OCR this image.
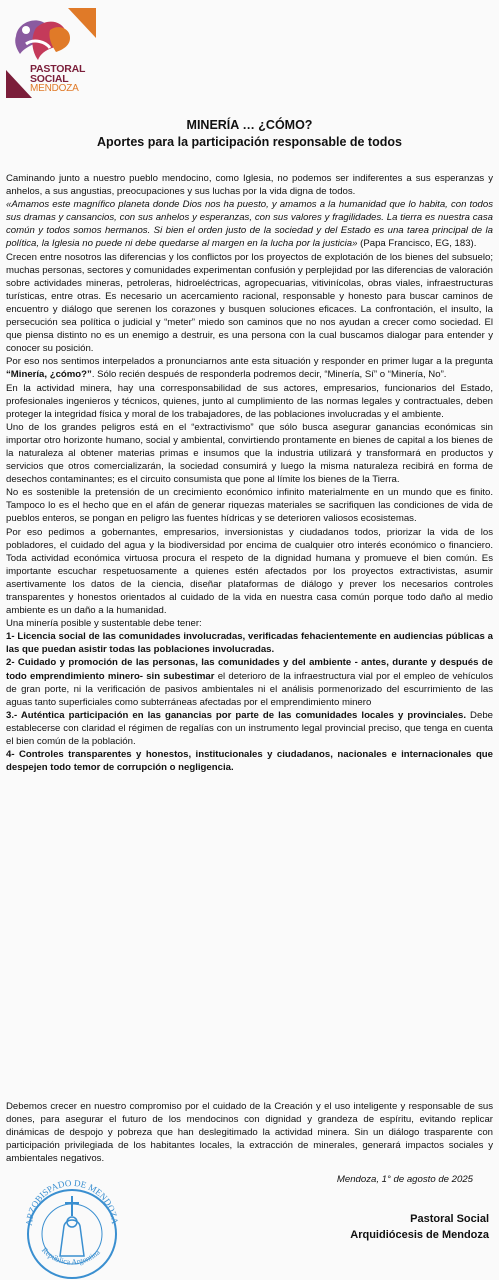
PASTORAL
SOCIAL
MENDOZA
MINERÍA … ¿CÓMO?
Aportes para la participación responsable de todos

Caminando junto a nuestro pueblo mendocino, como Iglesia, no podemos ser indiferentes a sus esperanzas y anhelos, a sus angustias, preocupaciones y sus luchas por la vida digna de todos.

«Amamos este magnífico planeta donde Dios nos ha puesto, y amamos a la humanidad que lo habita, con todos sus dramas y cansancios, con sus anhelos y esperanzas, con sus valores y fragilidades. La tierra es nuestra casa común y todos somos hermanos. Si bien el orden justo de la sociedad y del Estado es una tarea principal de la política, la Iglesia no puede ni debe quedarse al margen en la lucha por la justicia» (Papa Francisco, EG, 183).

Crecen entre nosotros las diferencias y los conflictos por los proyectos de explotación de los bienes del subsuelo; muchas personas, sectores y comunidades experimentan confusión y perplejidad por las diferencias de valoración sobre actividades mineras, petroleras, hidroeléctricas, agropecuarias, vitivinícolas, obras viales, infraestructuras turísticas, entre otras. Es necesario un acercamiento racional, responsable y honesto para buscar caminos de encuentro y diálogo que serenen los corazones y busquen soluciones eficaces. La confrontación, el insulto, la persecución sea política o judicial y “meter” miedo son caminos que no nos ayudan a crecer como sociedad. El que piensa distinto no es un enemigo a destruir, es una persona con la cual buscamos dialogar para entender y conocer su posición.

Por eso nos sentimos interpelados a pronunciarnos ante esta situación y responder en primer lugar a la pregunta “Minería, ¿cómo?”. Sólo recién después de responderla podremos decir, “Minería, Sí” o “Minería, No”.

En la actividad minera, hay una corresponsabilidad de sus actores, empresarios, funcionarios del Estado, profesionales ingenieros y técnicos, quienes, junto al cumplimiento de las normas legales y contractuales, deben proteger la integridad física y moral de los trabajadores, de las poblaciones involucradas y el ambiente.

Uno de los grandes peligros está en el “extractivismo” que sólo busca asegurar ganancias económicas sin importar otro horizonte humano, social y ambiental, convirtiendo prontamente en bienes de capital a los bienes de la naturaleza al obtener materias primas e insumos que la industria utilizará y transformará en productos y servicios que otros comercializarán, la sociedad consumirá y luego la misma naturaleza recibirá en forma de desechos contaminantes; es el circuito consumista que pone al límite los bienes de la Tierra.

No es sostenible la pretensión de un crecimiento económico infinito materialmente en un mundo que es finito. Tampoco lo es el hecho que en el afán de generar riquezas materiales se sacrifiquen las condiciones de vida de pueblos enteros, se pongan en peligro las fuentes hídricas y se deterioren valiosos ecosistemas.

Por eso pedimos a gobernantes, empresarios, inversionistas y ciudadanos todos, priorizar la vida de los pobladores, el cuidado del agua y la biodiversidad por encima de cualquier otro interés económico o financiero. Toda actividad económica virtuosa procura el respeto de la dignidad humana y promueve el bien común. Es importante escuchar respetuosamente a quienes estén afectados por los proyectos extractivistas, asumir asertivamente los datos de la ciencia, diseñar plataformas de diálogo y prever los necesarios controles transparentes y honestos orientados al cuidado de la vida en nuestra casa común porque todo daño al medio ambiente es un daño a la humanidad.

Una minería posible y sustentable debe tener:

1- Licencia social de las comunidades involucradas, verificadas fehacientemente en audiencias públicas a las que puedan asistir todas las poblaciones involucradas.

2- Cuidado y promoción de las personas, las comunidades y del ambiente - antes, durante y después de todo emprendimiento minero- sin subestimar el deterioro de la infraestructura vial por el empleo de vehículos de gran porte, ni la verificación de pasivos ambientales ni el análisis pormenorizado del escurrimiento de las aguas tanto superficiales como subterráneas afectadas por el emprendimiento minero

3.- Auténtica participación en las ganancias por parte de las comunidades locales y provinciales. Debe establecerse con claridad el régimen de regalías con un instrumento legal provincial preciso, que tenga en cuenta el bien común de la población.

4- Controles transparentes y honestos, institucionales y ciudadanos, nacionales e internacionales que despejen todo temor de corrupción o negligencia.

Debemos crecer en nuestro compromiso por el cuidado de la Creación y el uso inteligente y responsable de sus dones, para asegurar el futuro de los mendocinos con dignidad y grandeza de espíritu, evitando replicar dinámicas de despojo y pobreza que han deslegitimado la actividad minera. Sin un diálogo trasparente con participación privilegiada de los habitantes locales, la extracción de minerales, generará impactos sociales y ambientales negativos.
ARZOBISPADO DE MENDOZA
República Argentina
Mendoza, 1° de agosto de 2025
Pastoral Social
Arquidiócesis de Mendoza
